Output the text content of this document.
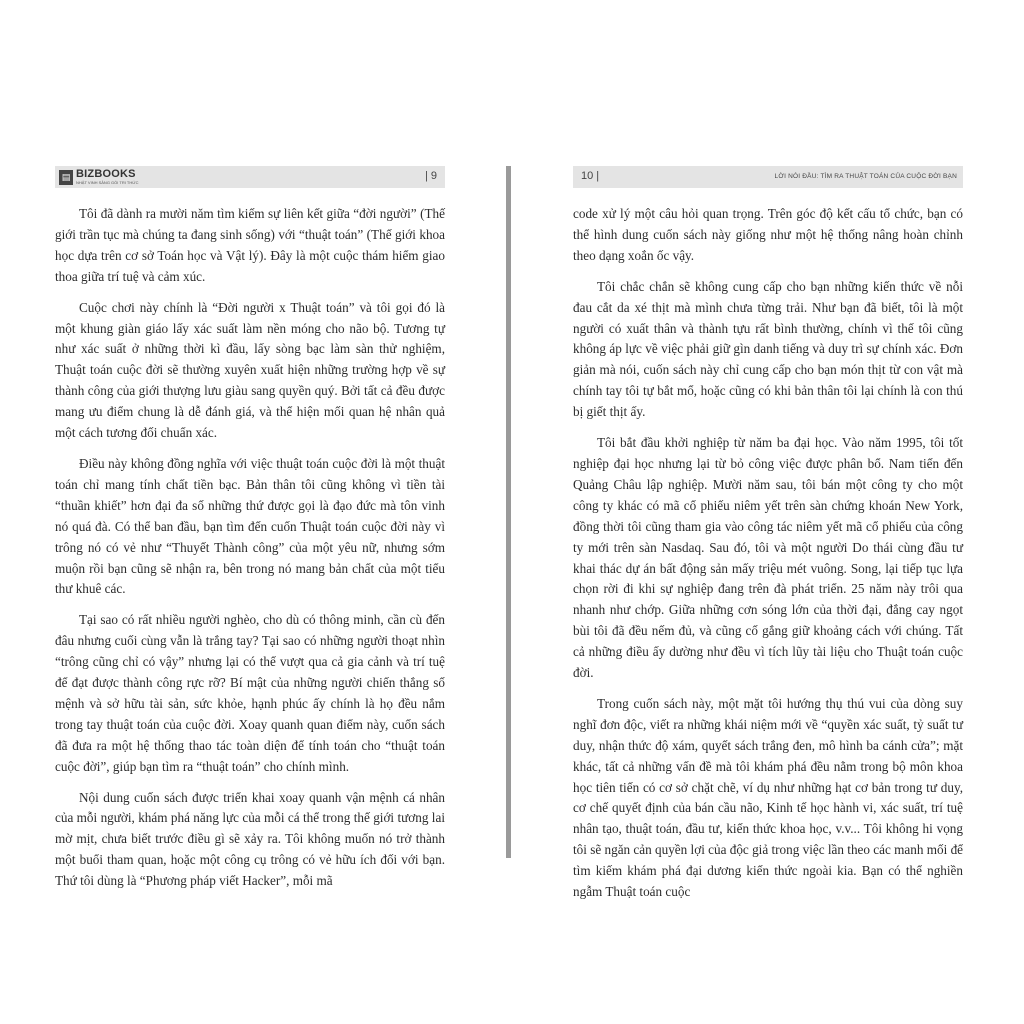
▤ BIZBOOKS
NHẬT VINH SẢNG GÓI TRI THỨC
| 9

Tôi đã dành ra mười năm tìm kiếm sự liên kết giữa “đời người” (Thế giới trần tục mà chúng ta đang sinh sống) với “thuật toán” (Thế giới khoa học dựa trên cơ sở Toán học và Vật lý). Đây là một cuộc thám hiểm giao thoa giữa trí tuệ và cảm xúc.

Cuộc chơi này chính là “Đời người x Thuật toán” và tôi gọi đó là một khung giàn giáo lấy xác suất làm nền móng cho não bộ. Tương tự như xác suất ở những thời kì đầu, lấy sòng bạc làm sàn thử nghiệm, Thuật toán cuộc đời sẽ thường xuyên xuất hiện những trường hợp về sự thành công của giới thượng lưu giàu sang quyền quý. Bởi tất cả đều được mang ưu điểm chung là dễ đánh giá, và thể hiện mối quan hệ nhân quả một cách tương đối chuẩn xác.

Điều này không đồng nghĩa với việc thuật toán cuộc đời là một thuật toán chỉ mang tính chất tiền bạc. Bản thân tôi cũng không vì tiền tài “thuần khiết” hơn đại đa số những thứ được gọi là đạo đức mà tôn vinh nó quá đà. Có thể ban đầu, bạn tìm đến cuốn Thuật toán cuộc đời này vì trông nó có vẻ như “Thuyết Thành công” của một yêu nữ, nhưng sớm muộn rồi bạn cũng sẽ nhận ra, bên trong nó mang bản chất của một tiểu thư khuê các.

Tại sao có rất nhiều người nghèo, cho dù có thông minh, cần cù đến đâu nhưng cuối cùng vẫn là trắng tay? Tại sao có những người thoạt nhìn “trông cũng chỉ có vậy” nhưng lại có thể vượt qua cả gia cảnh và trí tuệ để đạt được thành công rực rỡ? Bí mật của những người chiến thắng số mệnh và sở hữu tài sản, sức khỏe, hạnh phúc ấy chính là họ đều nắm trong tay thuật toán của cuộc đời. Xoay quanh quan điểm này, cuốn sách đã đưa ra một hệ thống thao tác toàn diện để tính toán cho “thuật toán cuộc đời”, giúp bạn tìm ra “thuật toán” cho chính mình.

Nội dung cuốn sách được triển khai xoay quanh vận mệnh cá nhân của mỗi người, khám phá năng lực của mỗi cá thể trong thế giới tương lai mờ mịt, chưa biết trước điều gì sẽ xảy ra. Tôi không muốn nó trở thành một buổi tham quan, hoặc một công cụ trông có vẻ hữu ích đối với bạn. Thứ tôi dùng là “Phương pháp viết Hacker”, mỗi mã

10 |	LỜI NÓI ĐẦU: TÌM RA THUẬT TOÁN CỦA CUỘC ĐỜI BẠN

code xử lý một câu hỏi quan trọng. Trên góc độ kết cấu tổ chức, bạn có thể hình dung cuốn sách này giống như một hệ thống nâng hoàn chỉnh theo dạng xoắn ốc vậy.

Tôi chắc chắn sẽ không cung cấp cho bạn những kiến thức về nỗi đau cắt da xé thịt mà mình chưa từng trải. Như bạn đã biết, tôi là một người có xuất thân và thành tựu rất bình thường, chính vì thế tôi cũng không áp lực về việc phải giữ gìn danh tiếng và duy trì sự chính xác. Đơn giản mà nói, cuốn sách này chỉ cung cấp cho bạn món thịt từ con vật mà chính tay tôi tự bắt mổ, hoặc cũng có khi bản thân tôi lại chính là con thú bị giết thịt ấy.

Tôi bắt đầu khởi nghiệp từ năm ba đại học. Vào năm 1995, tôi tốt nghiệp đại học nhưng lại từ bỏ công việc được phân bổ. Nam tiến đến Quảng Châu lập nghiệp. Mười năm sau, tôi bán một công ty cho một công ty khác có mã cổ phiếu niêm yết trên sàn chứng khoán New York, đồng thời tôi cũng tham gia vào công tác niêm yết mã cổ phiếu của công ty mới trên sàn Nasdaq. Sau đó, tôi và một người Do thái cùng đầu tư khai thác dự án bất động sản mấy triệu mét vuông. Song, lại tiếp tục lựa chọn rời đi khi sự nghiệp đang trên đà phát triển. 25 năm này trôi qua nhanh như chớp. Giữa những cơn sóng lớn của thời đại, đắng cay ngọt bùi tôi đã đều nếm đủ, và cũng cố gắng giữ khoảng cách với chúng. Tất cả những điều ấy dường như đều vì tích lũy tài liệu cho Thuật toán cuộc đời.

Trong cuốn sách này, một mặt tôi hướng thụ thú vui của dòng suy nghĩ đơn độc, viết ra những khái niệm mới về “quyền xác suất, tỷ suất tư duy, nhận thức độ xám, quyết sách trắng đen, mô hình ba cánh cửa”; mặt khác, tất cả những vấn đề mà tôi khám phá đều nằm trong bộ môn khoa học tiên tiến có cơ sở chặt chẽ, ví dụ như những hạt cơ bản trong tư duy, cơ chế quyết định của bán cầu não, Kinh tế học hành vi, xác suất, trí tuệ nhân tạo, thuật toán, đầu tư, kiến thức khoa học, v.v... Tôi không hi vọng tôi sẽ ngăn cản quyền lợi của độc giả trong việc lần theo các manh mối để tìm kiếm khám phá đại dương kiến thức ngoài kia. Bạn có thể nghiền ngẫm Thuật toán cuộc
